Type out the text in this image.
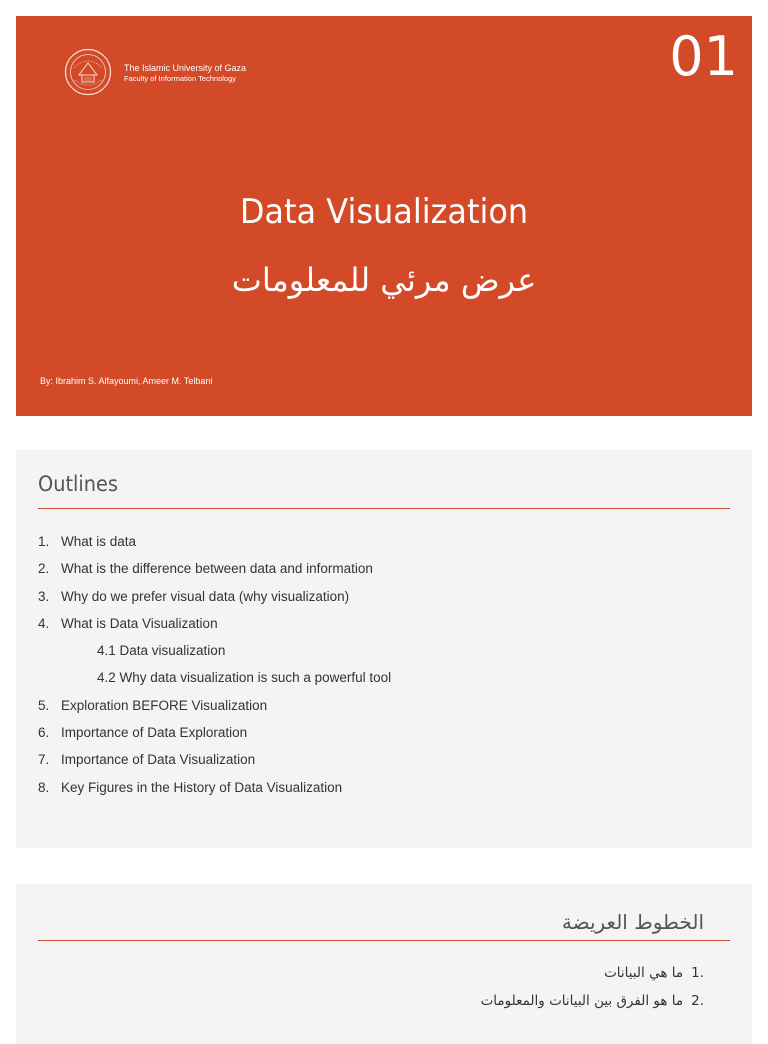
The Islamic University of Gaza
Faculty of Information Technology	01
Data Visualization
عرض مرئي للمعلومات
By: Ibrahim S. Alfayoumi, Ameer M. Telbani
Outlines
1. What is data
2. What is the difference between data and information
3. Why do we prefer visual data (why visualization)
4. What is Data Visualization
4.1 Data visualization
4.2 Why data visualization is such a powerful tool
5. Exploration BEFORE Visualization
6. Importance of Data Exploration
7. Importance of Data Visualization
8. Key Figures in the History of Data Visualization
الخطوط العريضة
.1ما هي البيانات
.2ما هو الفرق بين البيانات والمعلومات
